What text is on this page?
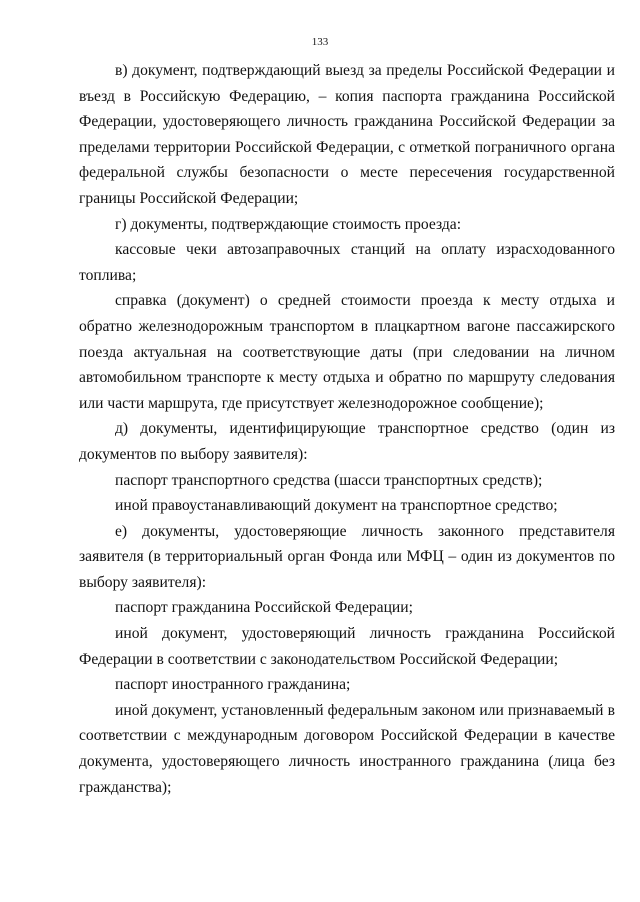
133

в) документ, подтверждающий выезд за пределы Российской Федерации и въезд в Российскую Федерацию, – копия паспорта гражданина Российской Федерации, удостоверяющего личность гражданина Российской Федерации за пределами территории Российской Федерации, с отметкой пограничного органа федеральной службы безопасности о месте пересечения государственной границы Российской Федерации;

г) документы, подтверждающие стоимость проезда:

кассовые чеки автозаправочных станций на оплату израсходованного топлива;

справка (документ) о средней стоимости проезда к месту отдыха и обратно железнодорожным транспортом в плацкартном вагоне пассажирского поезда актуальная на соответствующие даты (при следовании на личном автомобильном транспорте к месту отдыха и обратно по маршруту следования или части маршрута, где присутствует железнодорожное сообщение);

д) документы, идентифицирующие транспортное средство (один из документов по выбору заявителя):

паспорт транспортного средства (шасси транспортных средств);

иной правоустанавливающий документ на транспортное средство;

е) документы, удостоверяющие личность законного представителя заявителя (в территориальный орган Фонда или МФЦ – один из документов по выбору заявителя):

паспорт гражданина Российской Федерации;

иной документ, удостоверяющий личность гражданина Российской Федерации в соответствии с законодательством Российской Федерации;

паспорт иностранного гражданина;

иной документ, установленный федеральным законом или признаваемый в соответствии с международным договором Российской Федерации в качестве документа, удостоверяющего личность иностранного гражданина (лица без гражданства);
